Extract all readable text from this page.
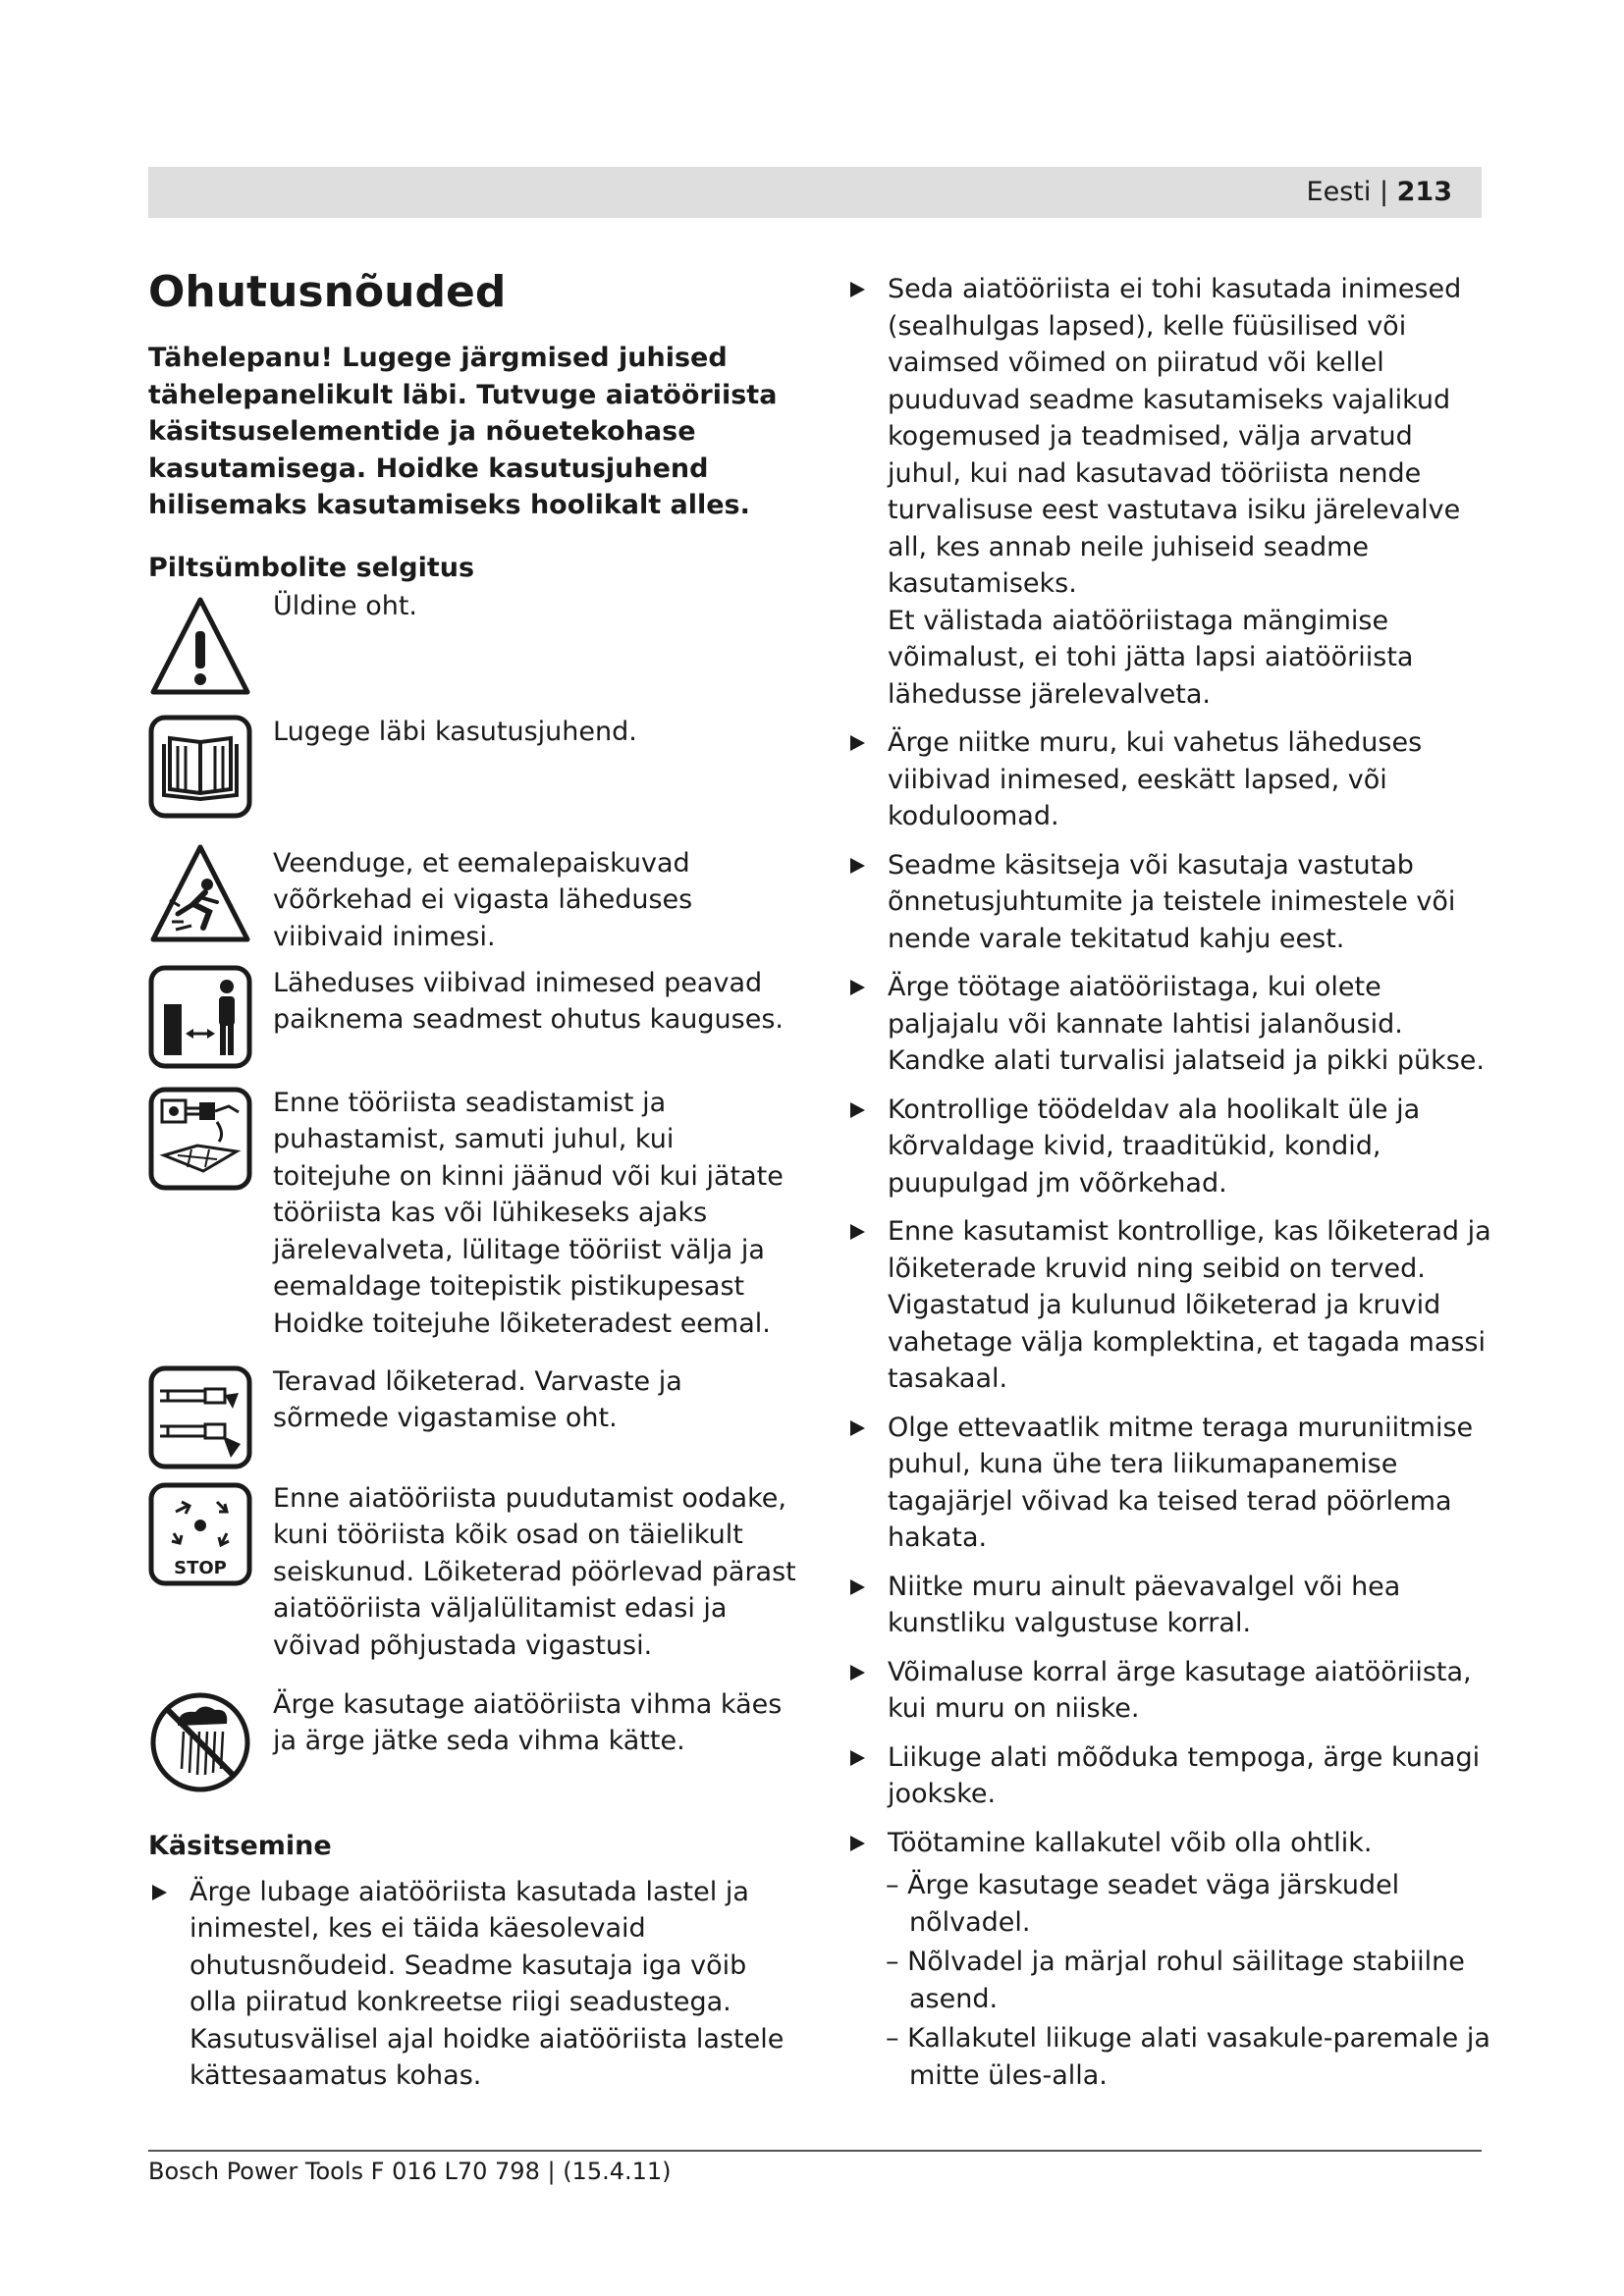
Eesti | 213
Ohutusnõuded

Tähelepanu! Lugege järgmised juhised tähelepanelikult läbi. Tutvuge aiatööriista käsitsuselementide ja nõuetekohase kasutamisega. Hoidke kasutusjuhend hilisemaks kasutamiseks hoolikalt alles.

Piltsümbolite selgitus

Üldine oht.
Lugege läbi kasutusjuhend.
Veenduge, et eemalepaiskuvad võõrkehad ei vigasta läheduses viibivaid inimesi.
Läheduses viibivad inimesed peavad paiknema seadmest ohutus kauguses.
Enne tööriista seadistamist ja puhastamist, samuti juhul, kui toitejuhe on kinni jäänud või kui jätate tööriista kas või lühikeseks ajaks järelevalveta, lülitage tööriist välja ja eemaldage toitepistik pistikupesast Hoidke toitejuhe lõiketeradest eemal.
Teravad lõiketerad. Varvaste ja sõrmede vigastamise oht.
STOP
Enne aiatööriista puudutamist oodake, kuni tööriista kõik osad on täielikult seiskunud. Lõiketerad pöörlevad pärast aiatööriista väljalülitamist edasi ja võivad põhjustada vigastusi.
Ärge kasutage aiatööriista vihma käes ja ärge jätke seda vihma kätte.

Käsitsemine

Ärge lubage aiatööriista kasutada lastel ja inimestel, kes ei täida käesolevaid ohutusnõudeid. Seadme kasutaja iga võib olla piiratud konkreetse riigi seadustega. Kasutusvälisel ajal hoidke aiatööriista lastele kättesaamatus kohas.
Seda aiatööriista ei tohi kasutada inimesed (sealhulgas lapsed), kelle füüsilised või vaimsed võimed on piiratud või kellel puuduvad seadme kasutamiseks vajalikud kogemused ja teadmised, välja arvatud juhul, kui nad kasutavad tööriista nende turvalisuse eest vastutava isiku järelevalve all, kes annab neile juhiseid seadme kasutamiseks.
Et välistada aiatööriistaga mängimise võimalust, ei tohi jätta lapsi aiatööriista lähedusse järelevalveta.
Ärge niitke muru, kui vahetus läheduses viibivad inimesed, eeskätt lapsed, või koduloomad.
Seadme käsitseja või kasutaja vastutab õnnetusjuhtumite ja teistele inimestele või nende varale tekitatud kahju eest.
Ärge töötage aiatööriistaga, kui olete paljajalu või kannate lahtisi jalanõusid. Kandke alati turvalisi jalatseid ja pikki pükse.
Kontrollige töödeldav ala hoolikalt üle ja kõrvaldage kivid, traaditükid, kondid, puupulgad jm võõrkehad.
Enne kasutamist kontrollige, kas lõiketerad ja lõiketerade kruvid ning seibid on terved. Vigastatud ja kulunud lõiketerad ja kruvid vahetage välja komplektina, et tagada massi tasakaal.
Olge ettevaatlik mitme teraga muruniitmise puhul, kuna ühe tera liikumapanemise tagajärjel võivad ka teised terad pöörlema hakata.
Niitke muru ainult päevavalgel või hea kunstliku valgustuse korral.
Võimaluse korral ärge kasutage aiatööriista, kui muru on niiske.
Liikuge alati mõõduka tempoga, ärge kunagi jookske.
Töötamine kallakutel võib olla ohtlik.
– Ärge kasutage seadet väga järskudel nõlvadel.
– Nõlvadel ja märjal rohul säilitage stabiilne asend.
– Kallakutel liikuge alati vasakule-paremale ja mitte üles-alla.
Bosch Power Tools F 016 L70 798 | (15.4.11)
